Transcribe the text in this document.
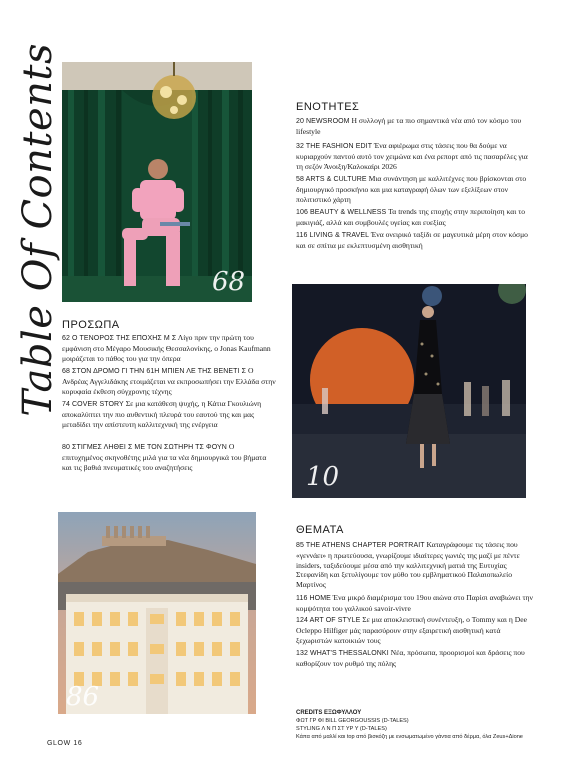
Table Of Contents	68
ΕΝΟΤΗΤΕΣ
20 NEWSROOM Η συλλογή με τα πιο σημαντικά νέα από τον κόσμο του lifestyle
32 THE FASHION EDIT Ένα αφιέρωμα στις τάσεις που θα δούμε να κυριαρχούν παντού αυτό τον χειμώνα και ένα ρεπορτ από τις πασαρέλες για τη σεζόν Άνοιξη/Καλοκαίρι 2026
58 ARTS & CULTURE Μια συνάντηση με καλλιτέχνες που βρίσκονται στο δημιουργικό προσκήνιο και μια καταγραφή όλων των εξελίξεων στον πολιτιστικό χάρτη
106 BEAUTY & WELLNESS Τα trends της εποχής στην περιποίηση και το μακιγιάζ, αλλά και συμβουλές υγείας και ευεξίας
116 LIVING & TRAVEL Ένα ονειρικό ταξίδι σε μαγευτικά μέρη στον κόσμο και σε σπίτια με εκλεπτυσμένη αισθητική
10
ΠΡΟΣΩΠΑ
62 Ο ΤΕΝΟΡΟΣ ΤΗΣ ΕΠΟΧΗΣ Μ Σ Λίγο πριν την πρώτη του εμφάνιση στο Μέγαρο Μουσικής Θεσσαλονίκης, ο Jonas Kaufmann μοιράζεται το πάθος του για την όπερα
68 ΣΤΟΝ ΔΡΟΜΟ ΓΙ ΤΗΝ 61Η ΜΠΙΕΝ ΛΕ ΤΗΣ ΒΕΝΕΤΙ Σ Ο Ανδρέας Αγγελιδάκης ετοιμάζεται να εκπροσωπήσει την Ελλάδα στην κορυφαία έκθεση σύγχρονης τέχνης
74 COVER STORY Σε μια κατάθεση ψυχής, η Κάτια Γκουλιώνη αποκαλύπτει την πιο αυθεντική πλευρά του εαυτού της και μας μεταδίδει την απίστευτη καλλιτεχνική της ενέργεια
80 ΣΤΙΓΜΕΣ ΛΗΘΕΙ Σ ΜΕ ΤΟΝ ΣΩΤΗΡΗ ΤΣ ΦΟΥΝ Ο επιτυχημένος σκηνοθέτης μιλά για τα νέα δημιουργικά του βήματα και τις βαθιά πνευματικές του αναζητήσεις
86
ΘΕΜΑΤΑ
85 THE ATHENS CHAPTER PORTRAIT Καταγράφουμε τις τάσεις που «γεννάει» η πρωτεύουσα, γνωρίζουμε ιδιαίτερες γωνιές της μαζί με πέντε insiders, ταξιδεύουμε μέσα από την καλλιτεχνική ματιά της Ευτυχίας Στεφανίδη και ξετυλίγουμε τον μύθο του εμβληματικού Παλαιοπωλείο Μαρτίνος
116 HOME Ένα μικρό διαμέρισμα του 19ου αιώνα στο Παρίσι αναβιώνει την κομψότητα του γαλλικού savoir-vivre
124 ART OF STYLE Σε μια αποκλειστική συνέντευξη, ο Tommy και η Dee Ocleppo Hilfiger μάς παρασύρουν στην εξαιρετική αισθητική κατά ξεχωριστών κατοικιών τους
132 WHAT'S THESSALONKI Νέα, πρόσωπα, προορισμοί και δράσεις που καθορίζουν τον ρυθμό της πόλης
CREDITS ΕΞΩΦΥΛΛΟΥ
ΦΩΤ ΓΡ ΦΙ BILL GEORGOUSSIS (D-TALES)
STYLING Λ Ν Π ΣΤ ΥΡ Υ (D-TALES)
Κάπα από μαλλί και top από βισκόζη με ενσωματωμένο γάντια από δέρμα, όλα Zeus+Δione
GLOW 16
